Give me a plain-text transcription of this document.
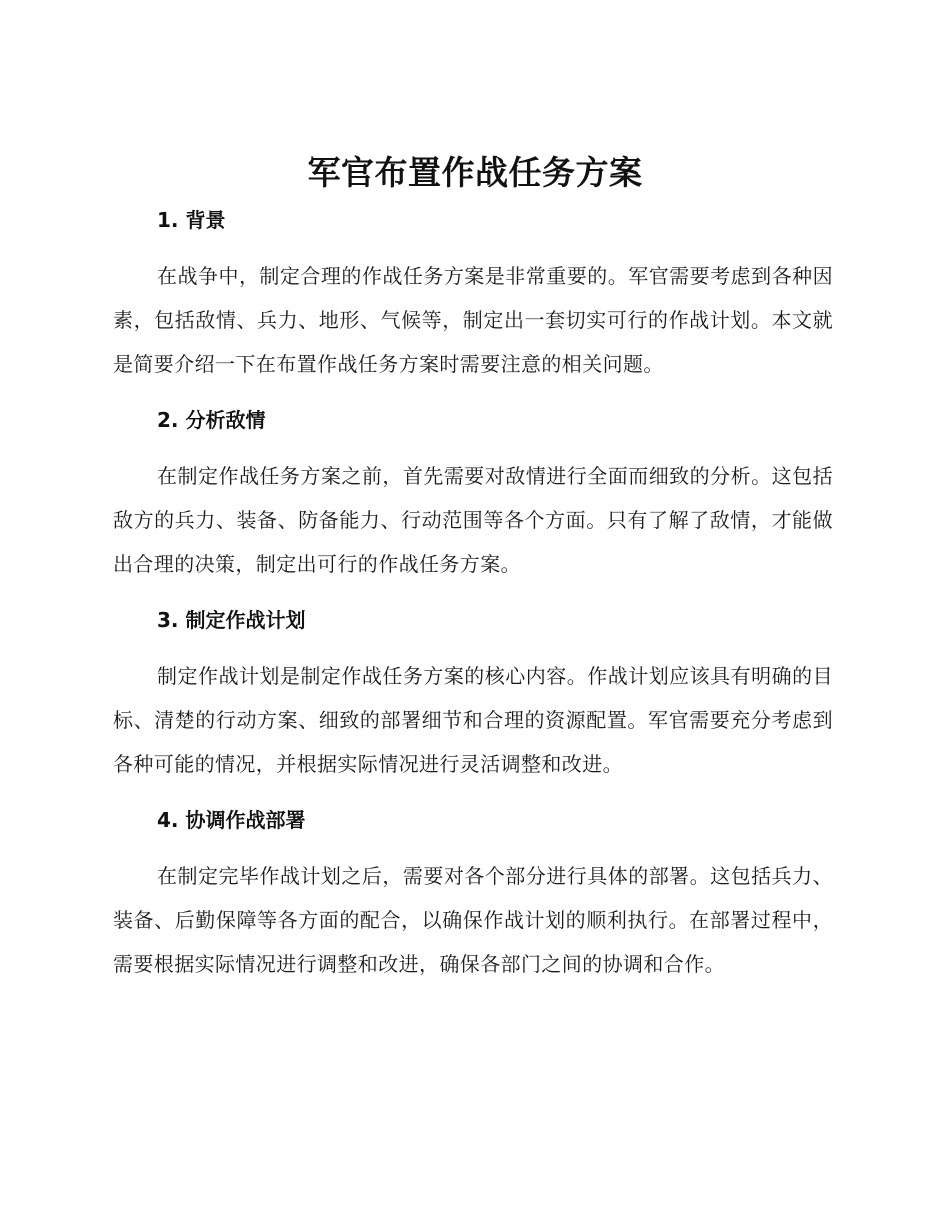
军官布置作战任务方案
1. 背景

在战争中，制定合理的作战任务方案是非常重要的。军官需要考虑到各种因素，包括敌情、兵力、地形、气候等，制定出一套切实可行的作战计划。本文就是简要介绍一下在布置作战任务方案时需要注意的相关问题。

2. 分析敌情

在制定作战任务方案之前，首先需要对敌情进行全面而细致的分析。这包括敌方的兵力、装备、防备能力、行动范围等各个方面。只有了解了敌情，才能做出合理的决策，制定出可行的作战任务方案。

3. 制定作战计划

制定作战计划是制定作战任务方案的核心内容。作战计划应该具有明确的目标、清楚的行动方案、细致的部署细节和合理的资源配置。军官需要充分考虑到各种可能的情况，并根据实际情况进行灵活调整和改进。

4. 协调作战部署

在制定完毕作战计划之后，需要对各个部分进行具体的部署。这包括兵力、装备、后勤保障等各方面的配合，以确保作战计划的顺利执行。在部署过程中，需要根据实际情况进行调整和改进，确保各部门之间的协调和合作。
